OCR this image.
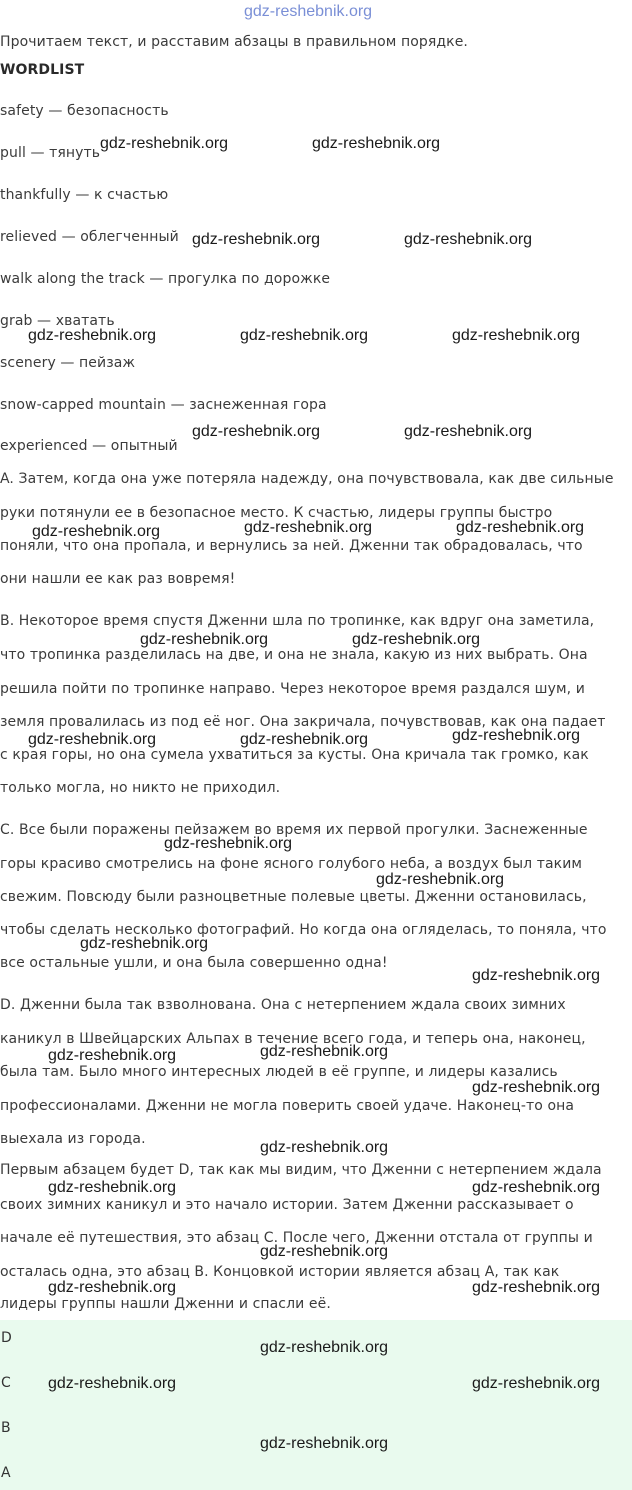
gdz-reshebnik.org
Прочитаем текст, и расставим абзацы в правильном порядке.
WORDLIST
safety — безопасность
pull — тянуть
thankfully — к счастью
relieved — облегченный
walk along the track — прогулка по дорожке
grab — хватать
scenery — пейзаж
snow-capped mountain — заснеженная гора
experienced — опытный
A. Затем, когда она уже потеряла надежду, она почувствовала, как две сильные
руки потянули ее в безопасное место. К счастью, лидеры группы быстро
поняли, что она пропала, и вернулись за ней. Дженни так обрадовалась, что
они нашли ее как раз вовремя!
B. Некоторое время спустя Дженни шла по тропинке, как вдруг она заметила,
что тропинка разделилась на две, и она не знала, какую из них выбрать. Она
решила пойти по тропинке направо. Через некоторое время раздался шум, и
земля провалилась из под её ног. Она закричала, почувствовав, как она падает
с края горы, но она сумела ухватиться за кусты. Она кричала так громко, как
только могла, но никто не приходил.
C. Все были поражены пейзажем во время их первой прогулки. Заснеженные
горы красиво смотрелись на фоне ясного голубого неба, а воздух был таким
свежим. Повсюду были разноцветные полевые цветы. Дженни остановилась,
чтобы сделать несколько фотографий. Но когда она огляделась, то поняла, что
все остальные ушли, и она была совершенно одна!
D. Дженни была так взволнована. Она с нетерпением ждала своих зимних
каникул в Швейцарских Альпах в течение всего года, и теперь она, наконец,
была там. Было много интересных людей в её группе, и лидеры казались
профессионалами. Дженни не могла поверить своей удаче. Наконец-то она
выехала из города.
Первым абзацем будет D, так как мы видим, что Дженни с нетерпением ждала
своих зимних каникул и это начало истории. Затем Дженни рассказывает о
начале её путешествия, это абзац C. После чего, Дженни отстала от группы и
осталась одна, это абзац B. Концовкой истории является абзац A, так как
лидеры группы нашли Дженни и спасли её.
D
C
B
A
gdz-reshebnik.org	gdz-reshebnik.org
gdz-reshebnik.org	gdz-reshebnik.org
gdz-reshebnik.org	gdz-reshebnik.org	gdz-reshebnik.org
gdz-reshebnik.org	gdz-reshebnik.org
gdz-reshebnik.org	gdz-reshebnik.org	gdz-reshebnik.org
gdz-reshebnik.org	gdz-reshebnik.org
gdz-reshebnik.org	gdz-reshebnik.org	gdz-reshebnik.org
gdz-reshebnik.org
gdz-reshebnik.org
gdz-reshebnik.org
gdz-reshebnik.org
gdz-reshebnik.org	gdz-reshebnik.org
gdz-reshebnik.org
gdz-reshebnik.org
gdz-reshebnik.org	gdz-reshebnik.org
gdz-reshebnik.org
gdz-reshebnik.org	gdz-reshebnik.org
gdz-reshebnik.org
gdz-reshebnik.org	gdz-reshebnik.org
gdz-reshebnik.org
